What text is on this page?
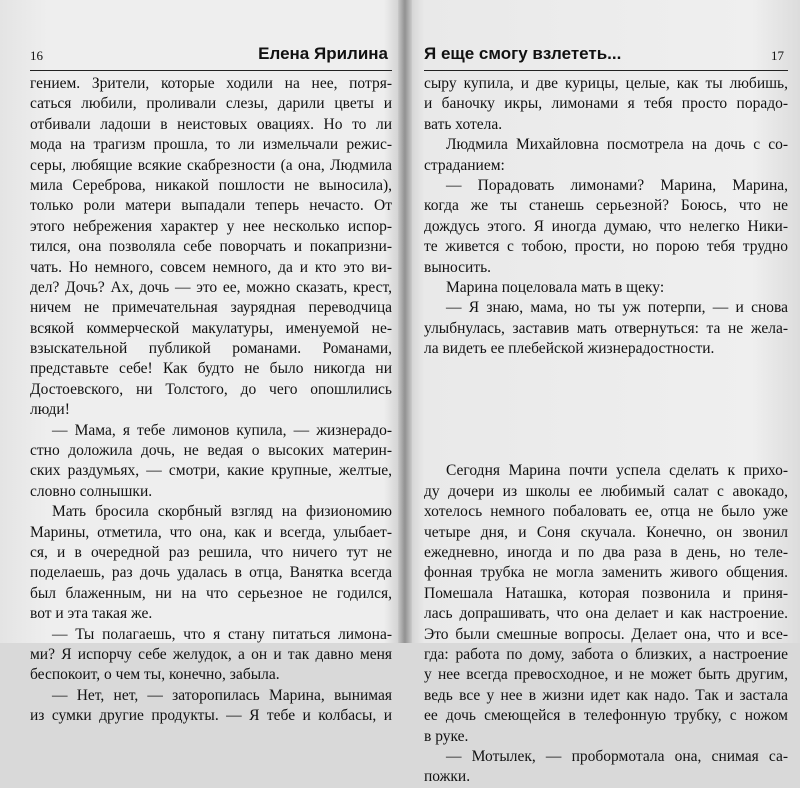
16	Елена Ярилина
гением. Зрители, которые ходили на нее, потря-
саться любили, проливали слезы, дарили цветы и
отбивали ладоши в неистовых овациях. Но то ли
мода на трагизм прошла, то ли измельчали режис-
серы, любящие всякие скабрезности (а она, Людмила
мила Сереброва, никакой пошлости не выносила),
только роли матери выпадали теперь нечасто. От
этого небрежения характер у нее несколько испор-
тился, она позволяла себе поворчать и покапризни-
чать. Но немного, совсем немного, да и кто это ви-
дел? Дочь? Ах, дочь — это ее, можно сказать, крест,
ничем не примечательная заурядная переводчица
всякой коммерческой макулатуры, именуемой не-
взыскательной публикой романами. Романами,
представьте себе! Как будто не было никогда ни
Достоевского, ни Толстого, до чего опошлились
люди!
— Мама, я тебе лимонов купила, — жизнерадо-
стно доложила дочь, не ведая о высоких материн-
ских раздумьях, — смотри, какие крупные, желтые,
словно солнышки.
Мать бросила скорбный взгляд на физиономию
Марины, отметила, что она, как и всегда, улыбает-
ся, и в очередной раз решила, что ничего тут не
поделаешь, раз дочь удалась в отца, Ванятка всегда
был блаженным, ни на что серьезное не годился,
вот и эта такая же.
— Ты полагаешь, что я стану питаться лимона-
ми? Я испорчу себе желудок, а он и так давно меня
беспокоит, о чем ты, конечно, забыла.
— Нет, нет, — заторопилась Марина, вынимая
из сумки другие продукты. — Я тебе и колбасы, и
Я еще смогу взлететь...	17
сыру купила, и две курицы, целые, как ты любишь,
и баночку икры, лимонами я тебя просто порадо-
вать хотела.
Людмила Михайловна посмотрела на дочь с со-
страданием:
— Порадовать лимонами? Марина, Марина,
когда же ты станешь серьезной? Боюсь, что не
дождусь этого. Я иногда думаю, что нелегко Ники-
те живется с тобою, прости, но порою тебя трудно
выносить.
Марина поцеловала мать в щеку:
— Я знаю, мама, но ты уж потерпи, — и снова
улыбнулась, заставив мать отвернуться: та не жела-
ла видеть ее плебейской жизнерадостности.
Сегодня Марина почти успела сделать к прихо-
ду дочери из школы ее любимый салат с авокадо,
хотелось немного побаловать ее, отца не было уже
четыре дня, и Соня скучала. Конечно, он звонил
ежедневно, иногда и по два раза в день, но теле-
фонная трубка не могла заменить живого общения.
Помешала Наташка, которая позвонила и приня-
лась допрашивать, что она делает и как настроение.
Это были смешные вопросы. Делает она, что и все-
гда: работа по дому, забота о близких, а настроение
у нее всегда превосходное, и не может быть другим,
ведь все у нее в жизни идет как надо. Так и застала
ее дочь смеющейся в телефонную трубку, с ножом
в руке.
— Мотылек, — пробормотала она, снимая са-
пожки.
